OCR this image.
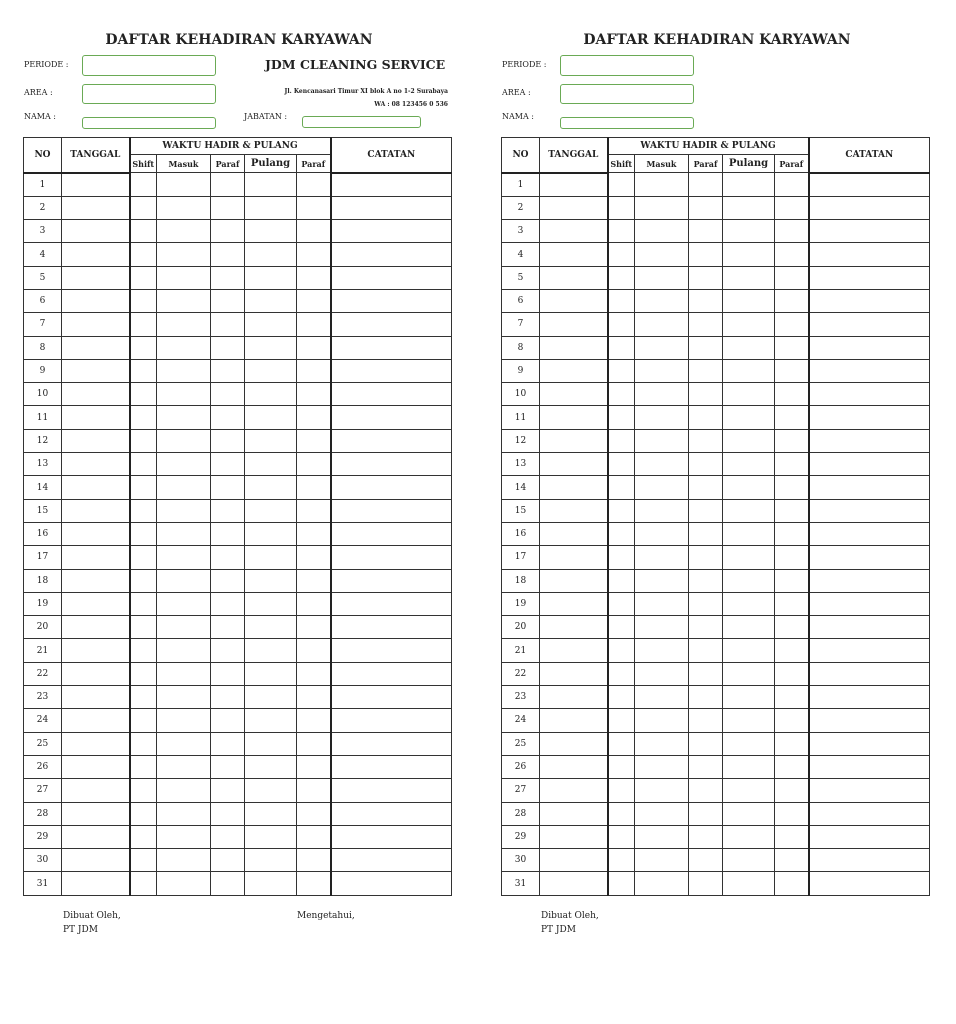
DAFTAR KEHADIRAN KARYAWAN
PERIODE :
AREA :
NAMA :	JABATAN :
JDM CLEANING SERVICE
Jl. Kencanasari Timur XI blok A no 1-2 Surabaya
WA : 08 123456 0 536
NO	TANGGAL	WAKTU HADIR & PULANG					CATATAN
		Shift	Masuk	Paraf	Pulang	Paraf	
1							
2							
3							
4							
5							
6							
7							
8							
9							
10							
11							
12							
13							
14							
15							
16							
17							
18							
19							
20							
21							
22							
23							
24							
25							
26							
27							
28							
29							
30							
31							
Dibuat Oleh,
PT JDM
Mengetahui,
DAFTAR KEHADIRAN KARYAWAN
PERIODE :
AREA :
NAMA :
NO	TANGGAL	WAKTU HADIR & PULANG					CATATAN
		Shift	Masuk	Paraf	Pulang	Paraf	
1							
2							
3							
4							
5							
6							
7							
8							
9							
10							
11							
12							
13							
14							
15							
16							
17							
18							
19							
20							
21							
22							
23							
24							
25							
26							
27							
28							
29							
30							
31							
Dibuat Oleh,
PT JDM
